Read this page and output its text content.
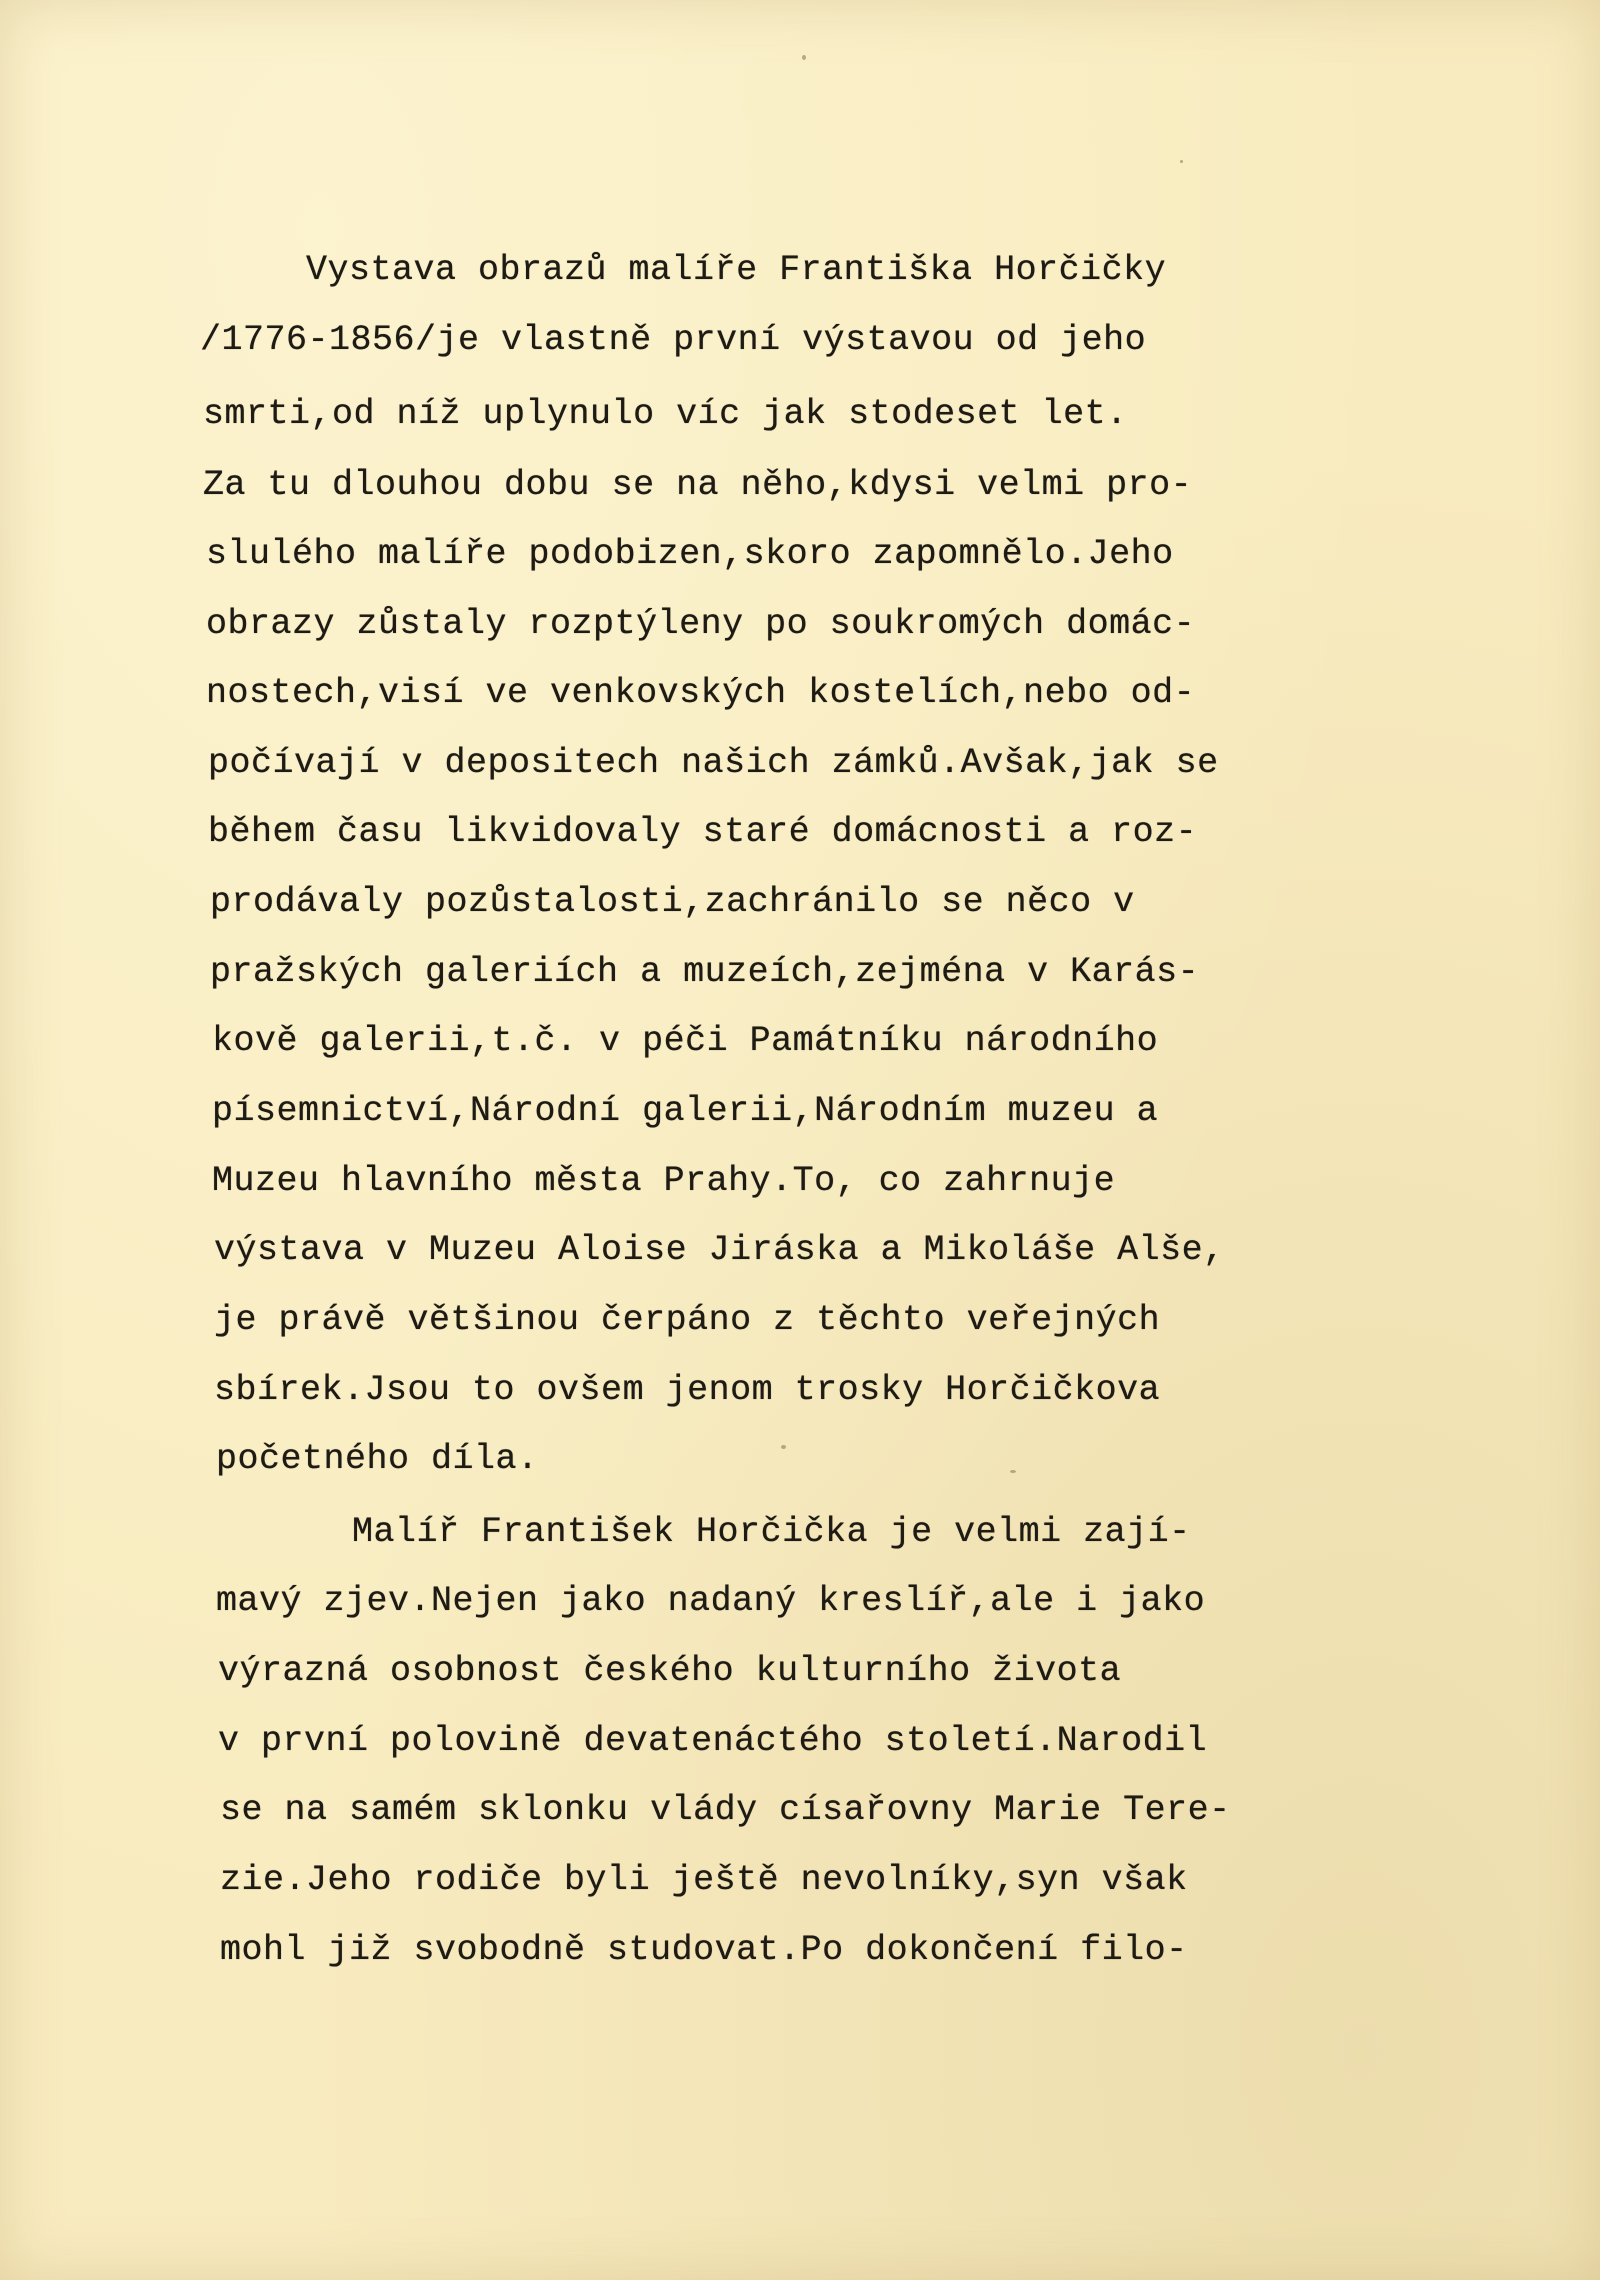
Vystava obrazů malíře Františka Horčičky
/1776-1856/je vlastně první výstavou od jeho
smrti,od níž uplynulo víc jak stodeset let.
Za tu dlouhou dobu se na něho,kdysi velmi pro-
slulého malíře podobizen,skoro zapomnělo.Jeho
obrazy zůstaly rozptýleny po soukromých domác-
nostech,visí ve venkovských kostelích,nebo od-
počívají v depositech našich zámků.Avšak,jak se
během času likvidovaly staré domácnosti a roz-
prodávaly pozůstalosti,zachránilo se něco v
pražských galeriích a muzeích,zejména v Karás-
kově galerii,t.č. v péči Památníku národního
písemnictví,Národní galerii,Národním muzeu a
Muzeu hlavního města Prahy.To, co zahrnuje
výstava v Muzeu Aloise Jiráska a Mikoláše Alše,
je právě většinou čerpáno z těchto veřejných
sbírek.Jsou to ovšem jenom trosky Horčičkova
početného díla.
Malíř František Horčička je velmi zají-
mavý zjev.Nejen jako nadaný kreslíř,ale i jako
výrazná osobnost českého kulturního života
v první polovině devatenáctého století.Narodil
se na samém sklonku vlády císařovny Marie Tere-
zie.Jeho rodiče byli ještě nevolníky,syn však
mohl již svobodně studovat.Po dokončení filo-
